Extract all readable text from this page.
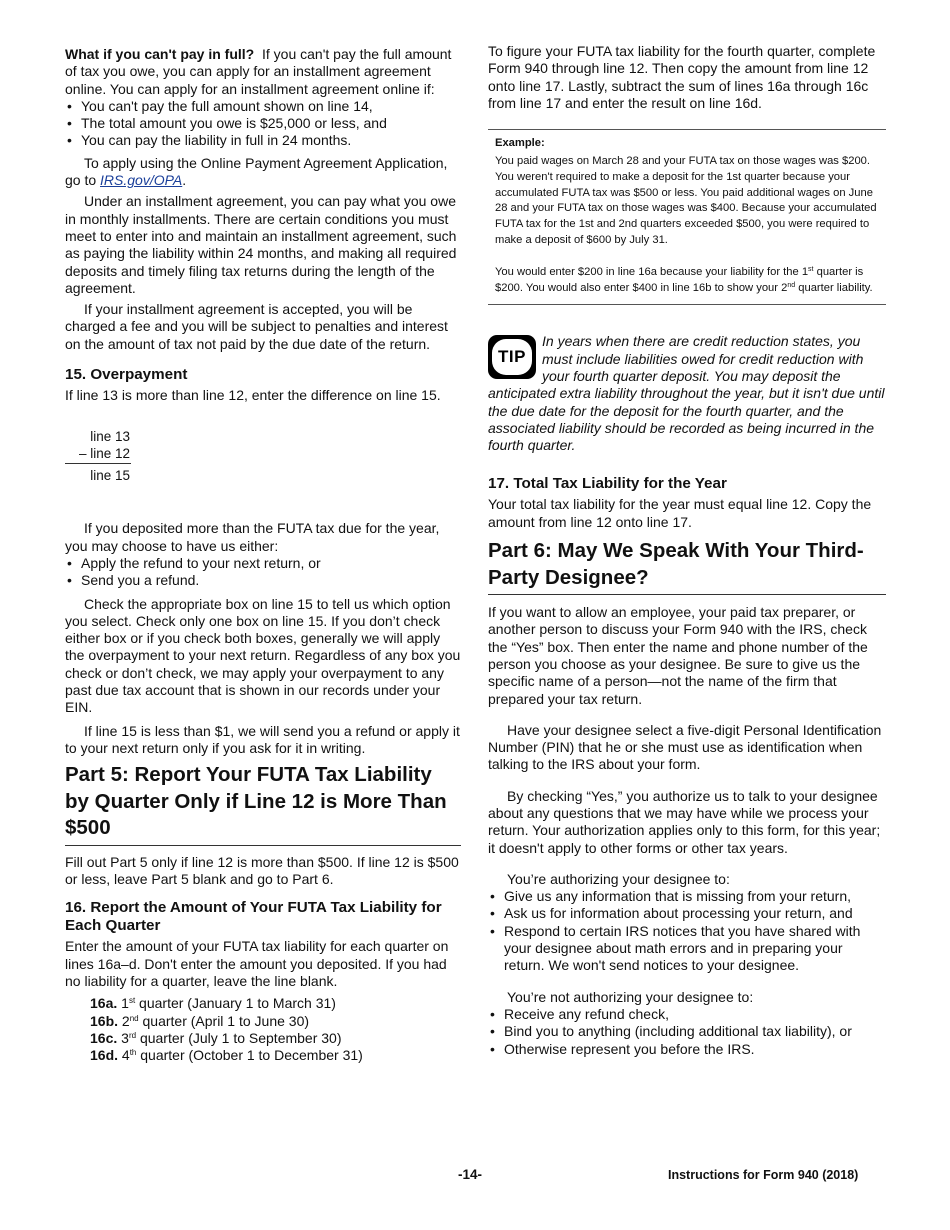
What if you can't pay in full? If you can't pay the full amount of tax you owe, you can apply for an installment agreement online. You can apply for an installment agreement online if:

• You can't pay the full amount shown on line 14,
• The total amount you owe is $25,000 or less, and
• You can pay the liability in full in 24 months.

To apply using the Online Payment Agreement Application, go to IRS.gov/OPA.

Under an installment agreement, you can pay what you owe in monthly installments. There are certain conditions you must meet to enter into and maintain an installment agreement, such as paying the liability within 24 months, and making all required deposits and timely filing tax returns during the length of the agreement.

If your installment agreement is accepted, you will be charged a fee and you will be subject to penalties and interest on the amount of tax not paid by the due date of the return.

15. Overpayment

If line 13 is more than line 12, enter the difference on line 15.

line 13
– line 12
line 15

If you deposited more than the FUTA tax due for the year, you may choose to have us either:

• Apply the refund to your next return, or
• Send you a refund.

Check the appropriate box on line 15 to tell us which option you select. Check only one box on line 15. If you don’t check either box or if you check both boxes, generally we will apply the overpayment to your next return. Regardless of any box you check or don’t check, we may apply your overpayment to any past due tax account that is shown in our records under your EIN.

If line 15 is less than $1, we will send you a refund or apply it to your next return only if you ask for it in writing.

Part 5: Report Your FUTA Tax Liability by Quarter Only if Line 12 is More Than $500

Fill out Part 5 only if line 12 is more than $500. If line 12 is $500 or less, leave Part 5 blank and go to Part 6.

16. Report the Amount of Your FUTA Tax Liability for Each Quarter

Enter the amount of your FUTA tax liability for each quarter on lines 16a–d. Don't enter the amount you deposited. If you had no liability for a quarter, leave the line blank.

16a. 1st quarter (January 1 to March 31)

16b. 2nd quarter (April 1 to June 30)

16c. 3rd quarter (July 1 to September 30)

16d. 4th quarter (October 1 to December 31)

To figure your FUTA tax liability for the fourth quarter, complete Form 940 through line 12. Then copy the amount from line 12 onto line 17. Lastly, subtract the sum of lines 16a through 16c from line 17 and enter the result on line 16d.

Example:

You paid wages on March 28 and your FUTA tax on those wages was $200. You weren't required to make a deposit for the 1st quarter because your accumulated FUTA tax was $500 or less. You paid additional wages on June 28 and your FUTA tax on those wages was $400. Because your accumulated FUTA tax for the 1st and 2nd quarters exceeded $500, you were required to make a deposit of $600 by July 31.

You would enter $200 in line 16a because your liability for the 1st quarter is $200. You would also enter $400 in line 16b to show your 2nd quarter liability.

TIP

In years when there are credit reduction states, you must include liabilities owed for credit reduction with your fourth quarter deposit. You may deposit the anticipated extra liability throughout the year, but it isn't due until the due date for the deposit for the fourth quarter, and the associated liability should be recorded as being incurred in the fourth quarter.

17. Total Tax Liability for the Year

Your total tax liability for the year must equal line 12. Copy the amount from line 12 onto line 17.

Part 6: May We Speak With Your Third-Party Designee?

If you want to allow an employee, your paid tax preparer, or another person to discuss your Form 940 with the IRS, check the “Yes” box. Then enter the name and phone number of the person you choose as your designee. Be sure to give us the specific name of a person—not the name of the firm that prepared your tax return.

Have your designee select a five-digit Personal Identification Number (PIN) that he or she must use as identification when talking to the IRS about your form.

By checking “Yes,” you authorize us to talk to your designee about any questions that we may have while we process your return. Your authorization applies only to this form, for this year; it doesn't apply to other forms or other tax years.

You’re authorizing your designee to:

• Give us any information that is missing from your return,
• Ask us for information about processing your return, and
• Respond to certain IRS notices that you have shared with your designee about math errors and in preparing your return. We won't send notices to your designee.

You’re not authorizing your designee to:

• Receive any refund check,
• Bind you to anything (including additional tax liability), or
• Otherwise represent you before the IRS.
-14-	Instructions for Form 940 (2018)
